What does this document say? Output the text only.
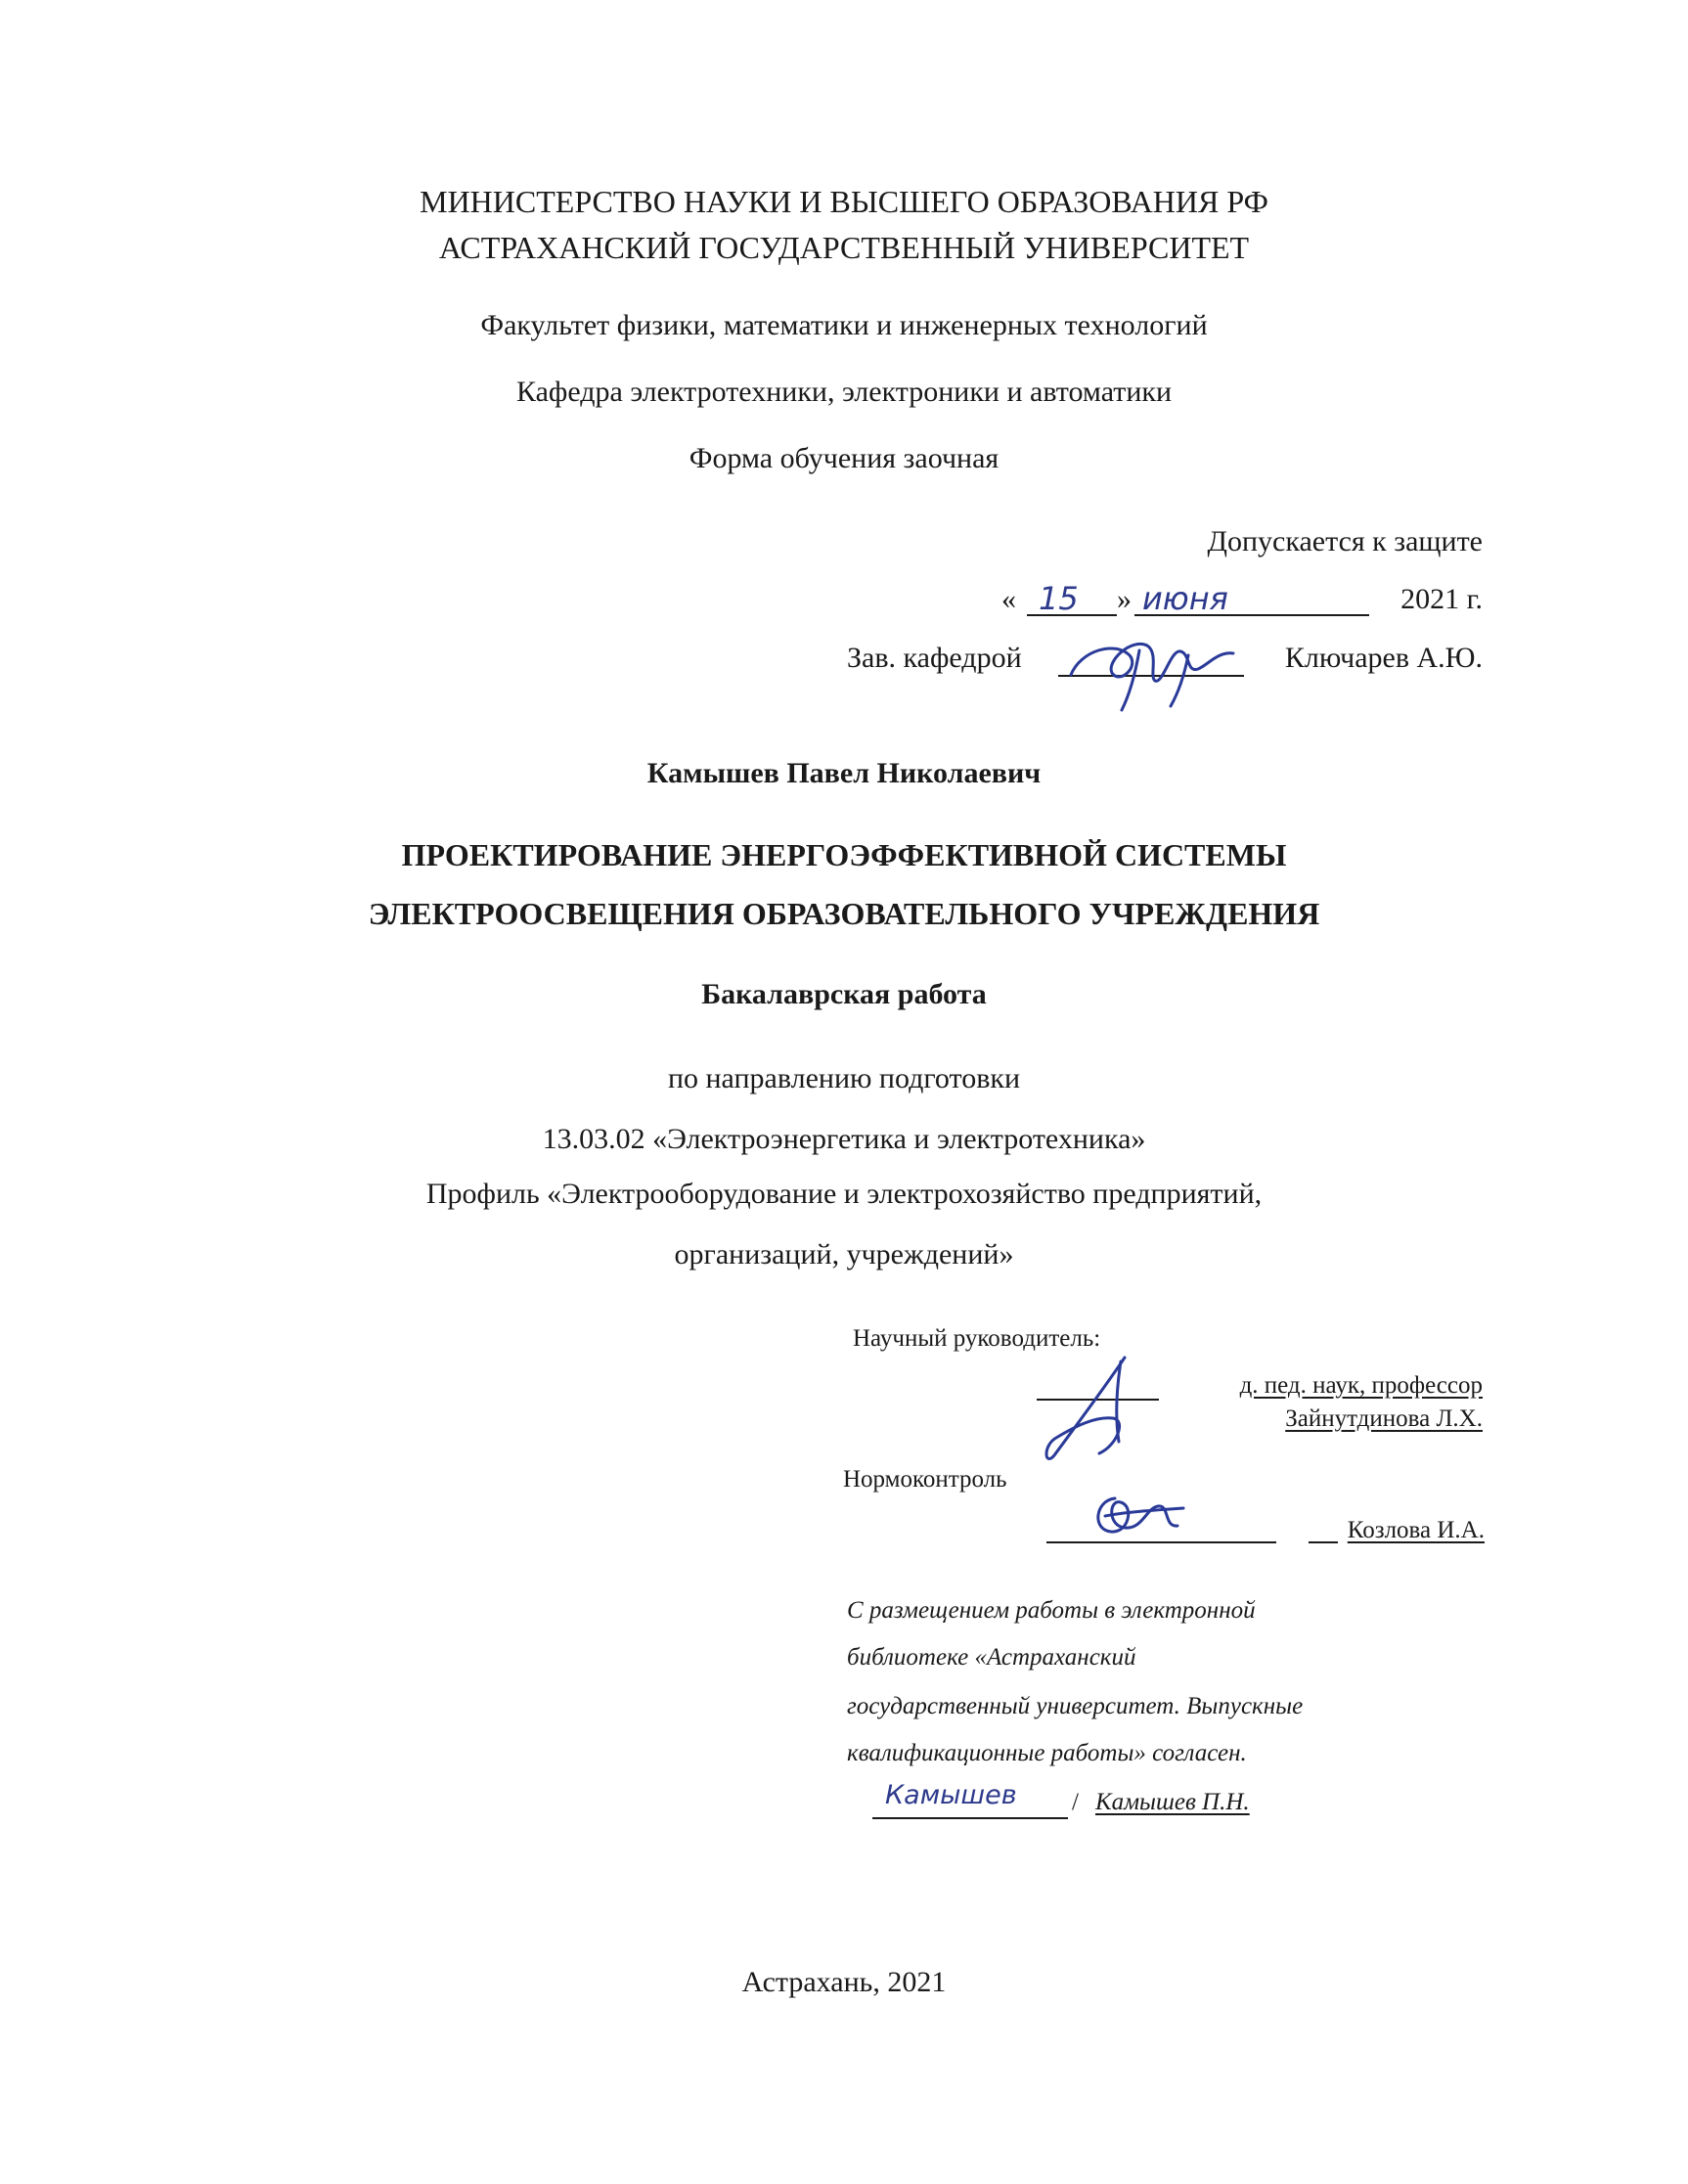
МИНИСТЕРСТВО НАУКИ И ВЫСШЕГО ОБРАЗОВАНИЯ РФ
АСТРАХАНСКИЙ ГОСУДАРСТВЕННЫЙ УНИВЕРСИТЕТ
Факультет физики, математики и инженерных технологий
Кафедра электротехники, электроники и автоматики
Форма обучения заочная
Допускается к защите
« 15 » июня	2021 г.
Зав. кафедрой	Ключарев А.Ю.
Камышев Павел Николаевич
ПРОЕКТИРОВАНИЕ ЭНЕРГОЭФФЕКТИВНОЙ СИСТЕМЫ
ЭЛЕКТРООСВЕЩЕНИЯ ОБРАЗОВАТЕЛЬНОГО УЧРЕЖДЕНИЯ
Бакалаврская работа
по направлению подготовки
13.03.02 «Электроэнергетика и электротехника»
Профиль «Электрооборудование и электрохозяйство предприятий,
организаций, учреждений»
Научный руководитель:
д. пед. наук, профессор
Зайнутдинова Л.Х.
Нормоконтроль
Козлова И.А.
С размещением работы в электронной
библиотеке «Астраханский
государственный университет. Выпускные
квалификационные работы» согласен.
Камышев / Камышев П.Н.
Астрахань, 2021
